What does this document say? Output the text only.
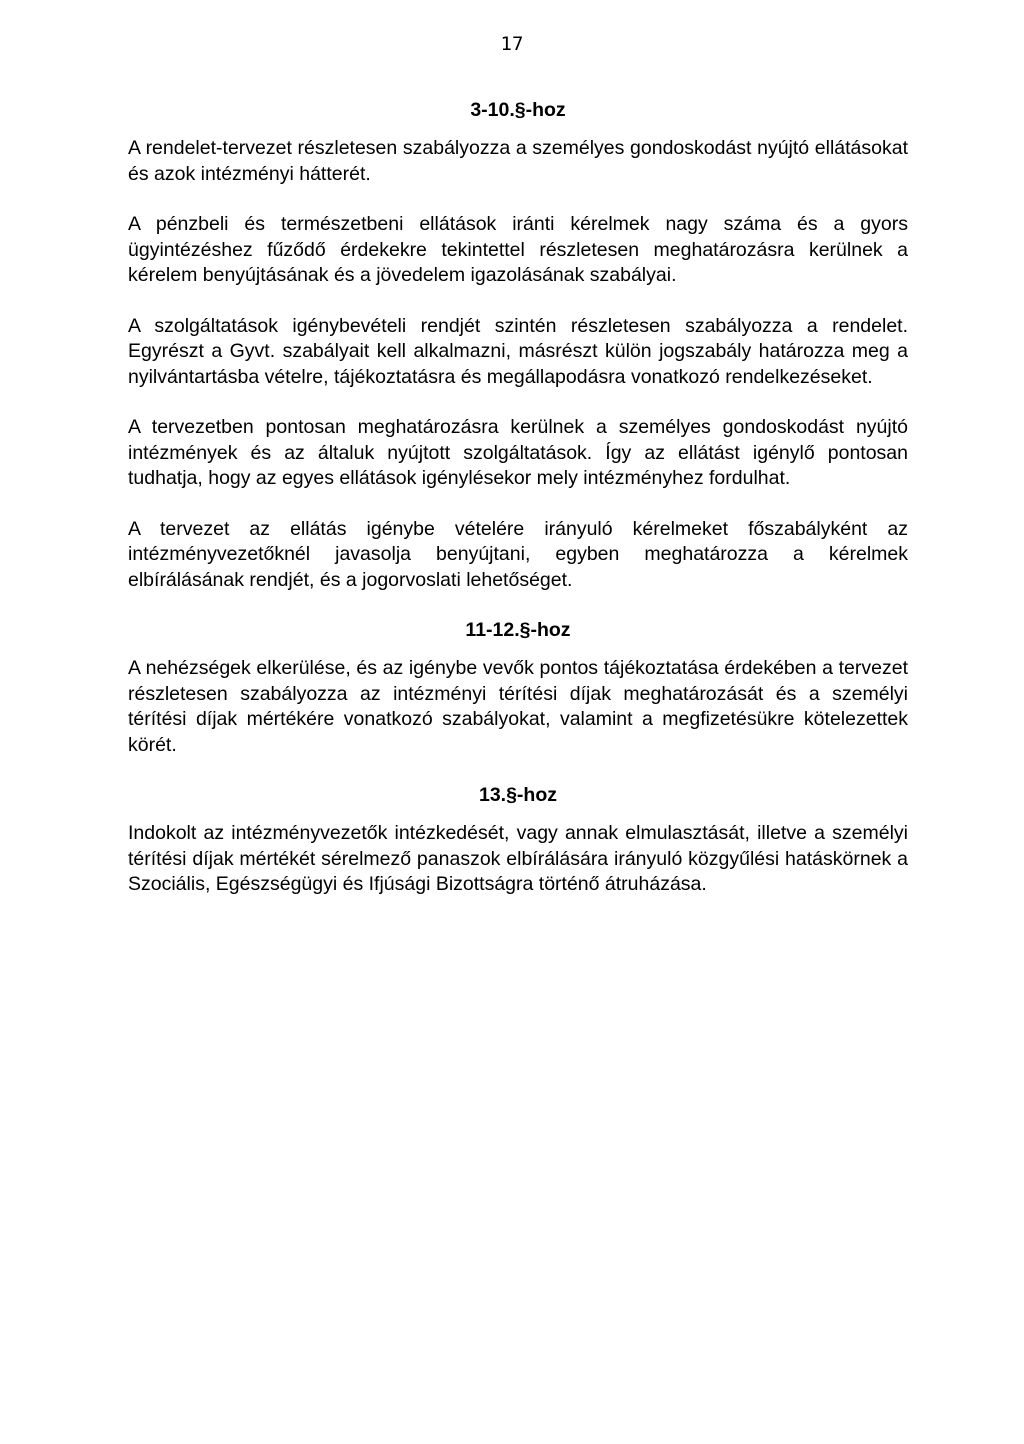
17
3-10.§-hoz

A rendelet-tervezet részletesen szabályozza a személyes gondoskodást nyújtó ellátásokat és azok intézményi hátterét.

A pénzbeli és természetbeni ellátások iránti kérelmek nagy száma és a gyors ügyintézéshez fűződő érdekekre tekintettel részletesen meghatározásra kerülnek a kérelem benyújtásának és a jövedelem igazolásának szabályai.

A szolgáltatások igénybevételi rendjét szintén részletesen szabályozza a rendelet. Egyrészt a Gyvt. szabályait kell alkalmazni, másrészt külön jogszabály határozza meg a nyilvántartásba vételre, tájékoztatásra és megállapodásra vonatkozó rendelkezéseket.

A tervezetben pontosan meghatározásra kerülnek a személyes gondoskodást nyújtó intézmények és az általuk nyújtott szolgáltatások. Így az ellátást igénylő pontosan tudhatja, hogy az egyes ellátások igénylésekor mely intézményhez fordulhat.

A tervezet az ellátás igénybe vételére irányuló kérelmeket főszabályként az intézményvezetőknél javasolja benyújtani, egyben meghatározza a kérelmek elbírálásának rendjét, és a jogorvoslati lehetőséget.

11-12.§-hoz

A nehézségek elkerülése, és az igénybe vevők pontos tájékoztatása érdekében a tervezet részletesen szabályozza az intézményi térítési díjak meghatározását és a személyi térítési díjak mértékére vonatkozó szabályokat, valamint a megfizetésükre kötelezettek körét.

13.§-hoz

Indokolt az intézményvezetők intézkedését, vagy annak elmulasztását, illetve a személyi térítési díjak mértékét sérelmező panaszok elbírálására irányuló közgyűlési hatáskörnek a Szociális, Egészségügyi és Ifjúsági Bizottságra történő átruházása.
